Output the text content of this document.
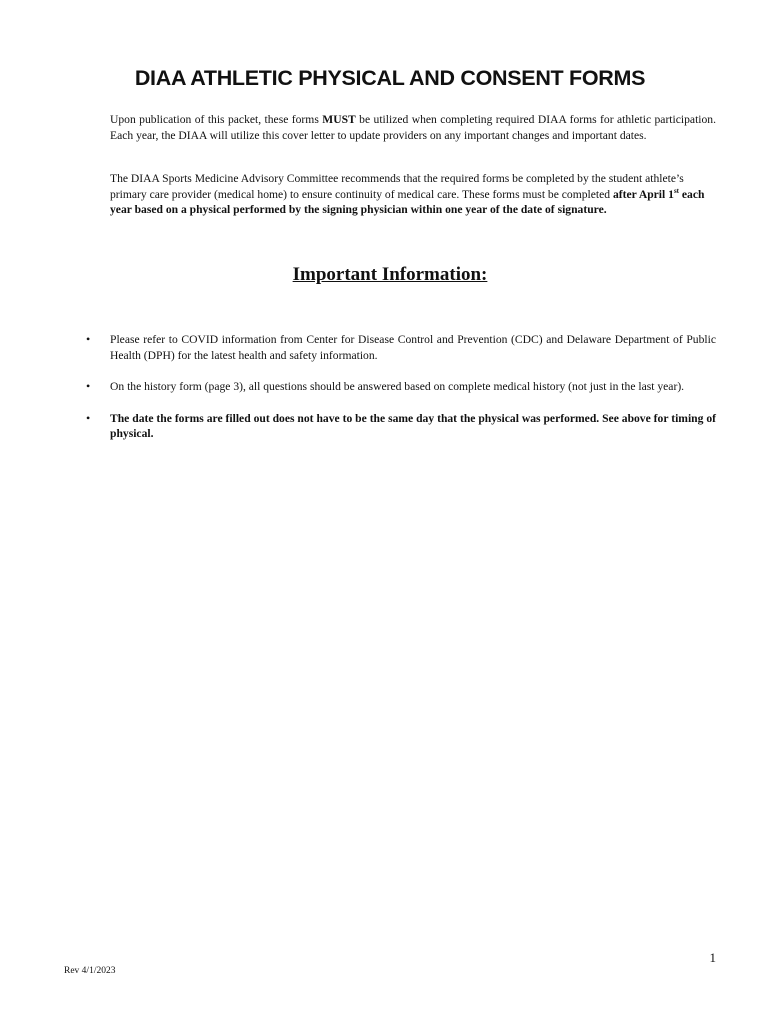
DIAA ATHLETIC PHYSICAL AND CONSENT FORMS

Upon publication of this packet, these forms MUST be utilized when completing required DIAA forms for athletic participation. Each year, the DIAA will utilize this cover letter to update providers on any important changes and important dates.

The DIAA Sports Medicine Advisory Committee recommends that the required forms be completed by the student athlete’s primary care provider (medical home) to ensure continuity of medical care. These forms must be completed after April 1st each year based on a physical performed by the signing physician within one year of the date of signature.

Important Information:
• Please refer to COVID information from Center for Disease Control and Prevention (CDC) and Delaware Department of Public Health (DPH) for the latest health and safety information.
• On the history form (page 3), all questions should be answered based on complete medical history (not just in the last year).
• The date the forms are filled out does not have to be the same day that the physical was performed. See above for timing of physical.
1
Rev 4/1/2023
